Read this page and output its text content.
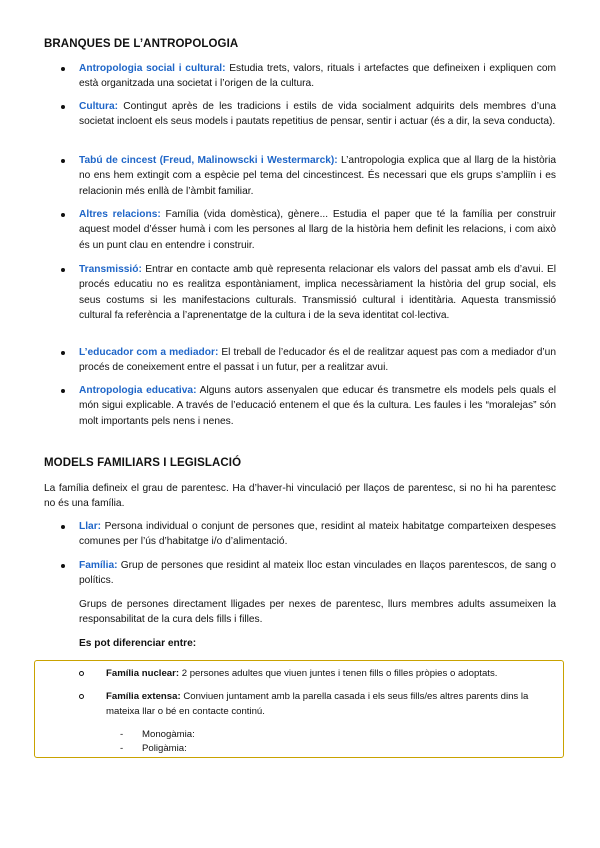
BRANQUES DE L’ANTROPOLOGIA
Antropologia social i cultural: Estudia trets, valors, rituals i artefactes que defineixen i expliquen com està organitzada una societat i l’origen de la cultura.
Cultura: Contingut après de les tradicions i estils de vida socialment adquirits dels membres d’una societat incloent els seus models i pautats repetitius de pensar, sentir i actuar (és a dir, la seva conducta).
Tabú de cincest (Freud, Malinowscki i Westermarck): L’antropologia explica que al llarg de la història no ens hem extingit com a espècie pel tema del cincestincest. És necessari que els grups s’ampliïn i es relacionin més enllà de l’àmbit familiar.
Altres relacions: Família (vida domèstica), gènere... Estudia el paper que té la família per construir aquest model d’ésser humà i com les persones al llarg de la història hem definit les relacions, i com això és un punt clau en entendre i construir.
Transmissió: Entrar en contacte amb què representa relacionar els valors del passat amb els d’avui. El procés educatiu no es realitza espontàniament, implica necessàriament la història del grup social, els seus costums si les manifestacions culturals. Transmissió cultural i identitària. Aquesta transmissió cultural fa referència a l’aprenentatge de la cultura i de la seva identitat col·lectiva.
L’educador com a mediador: El treball de l’educador és el de realitzar aquest pas com a mediador d’un procés de coneixement entre el passat i un futur, per a realitzar avui.
Antropologia educativa: Alguns autors assenyalen que educar és transmetre els models pels quals el món sigui explicable. A través de l’educació entenem el que és la cultura. Les faules i les “moralejas” són molt importants pels nens i nenes.
MODELS FAMILIARS I LEGISLACIÓ
La família defineix el grau de parentesc. Ha d’haver-hi vinculació per llaços de parentesc, si no hi ha parentesc no és una família.
Llar: Persona individual o conjunt de persones que, residint al mateix habitatge comparteixen despeses comunes per l’ús d’habitatge i/o d’alimentació.
Família: Grup de persones que residint al mateix lloc estan vinculades en llaços parentescos, de sang o polítics.
Grups de persones directament lligades per nexes de parentesc, llurs membres adults assumeixen la responsabilitat de la cura dels fills i filles.
Es pot diferenciar entre:
Família nuclear: 2 persones adultes que viuen juntes i tenen fills o filles pròpies o adoptats.
Família extensa: Conviuen juntament amb la parella casada i els seus fills/es altres parents dins la mateixa llar o bé en contacte continú.
- Monogàmia:
- Poligàmia:
